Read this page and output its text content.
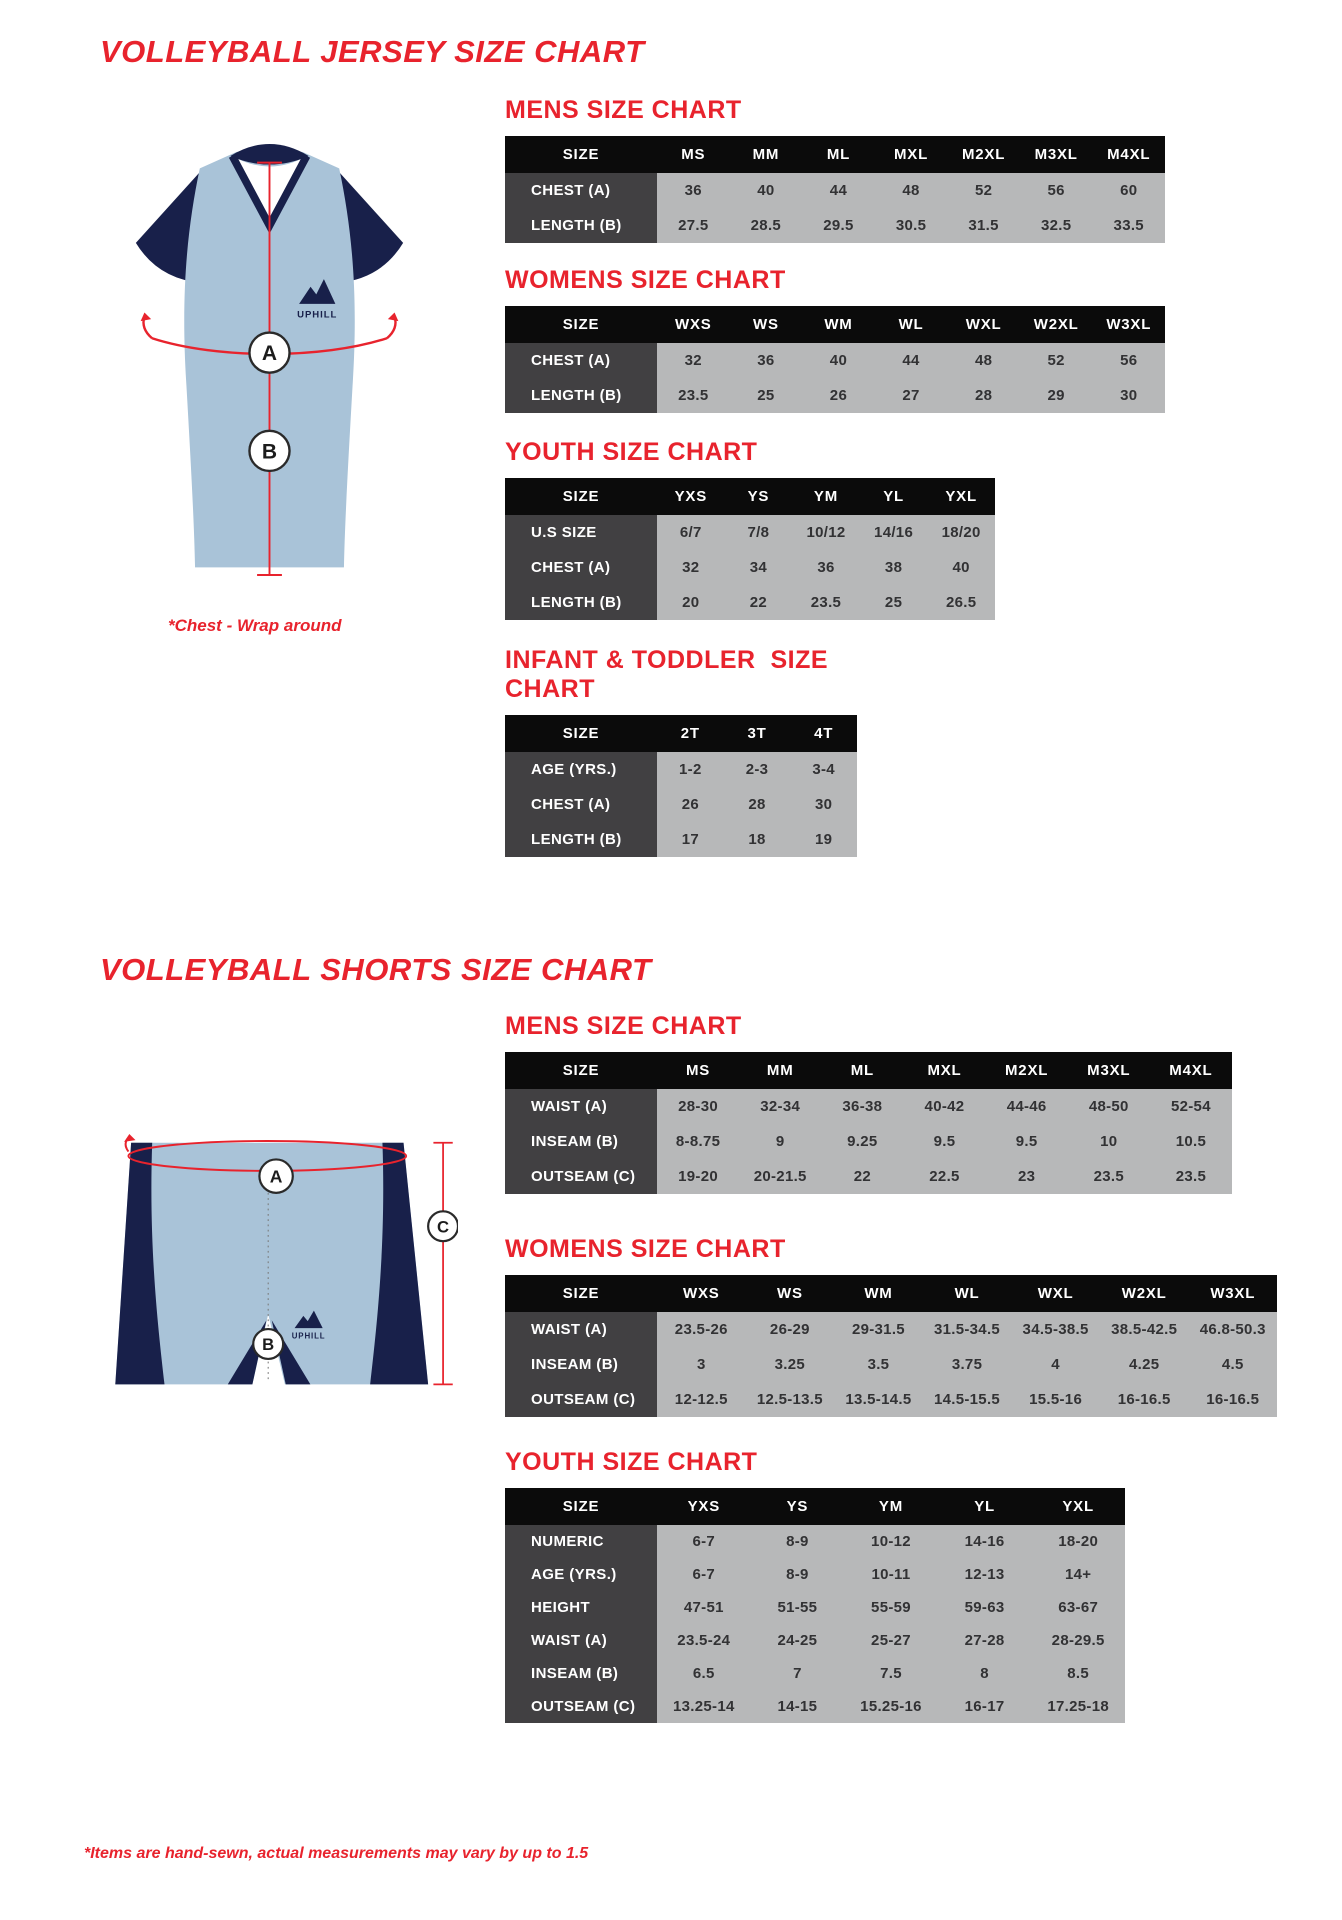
VOLLEYBALL JERSEY SIZE CHART
UPHILL
A
B
*Chest - Wrap around
MENS SIZE CHART
SIZE	MS	MM	ML	MXL	M2XL	M3XL	M4XL
CHEST (A)	36	40	44	48	52	56	60
LENGTH (B)	27.5	28.5	29.5	30.5	31.5	32.5	33.5
WOMENS SIZE CHART
SIZE	WXS	WS	WM	WL	WXL	W2XL	W3XL
CHEST (A)	32	36	40	44	48	52	56
LENGTH (B)	23.5	25	26	27	28	29	30
YOUTH SIZE CHART
SIZE	YXS	YS	YM	YL	YXL
U.S SIZE	6/7	7/8	10/12	14/16	18/20
CHEST (A)	32	34	36	38	40
LENGTH (B)	20	22	23.5	25	26.5
INFANT & TODDLER  SIZE CHART
SIZE	2T	3T	4T
AGE (YRS.)	1-2	2-3	3-4
CHEST (A)	26	28	30
LENGTH (B)	17	18	19
VOLLEYBALL SHORTS SIZE CHART
UPHILL
A
B
C
MENS SIZE CHART
SIZE	MS	MM	ML	MXL	M2XL	M3XL	M4XL
WAIST (A)	28-30	32-34	36-38	40-42	44-46	48-50	52-54
INSEAM (B)	8-8.75	9	9.25	9.5	9.5	10	10.5
OUTSEAM (C)	19-20	20-21.5	22	22.5	23	23.5	23.5
WOMENS SIZE CHART
SIZE	WXS	WS	WM	WL	WXL	W2XL	W3XL
WAIST (A)	23.5-26	26-29	29-31.5	31.5-34.5	34.5-38.5	38.5-42.5	46.8-50.3
INSEAM (B)	3	3.25	3.5	3.75	4	4.25	4.5
OUTSEAM (C)	12-12.5	12.5-13.5	13.5-14.5	14.5-15.5	15.5-16	16-16.5	16-16.5
YOUTH SIZE CHART
SIZE	YXS	YS	YM	YL	YXL
NUMERIC	6-7	8-9	10-12	14-16	18-20
AGE (YRS.)	6-7	8-9	10-11	12-13	14+
HEIGHT	47-51	51-55	55-59	59-63	63-67
WAIST (A)	23.5-24	24-25	25-27	27-28	28-29.5
INSEAM (B)	6.5	7	7.5	8	8.5
OUTSEAM (C)	13.25-14	14-15	15.25-16	16-17	17.25-18
*Items are hand-sewn, actual measurements may vary by up to 1.5
